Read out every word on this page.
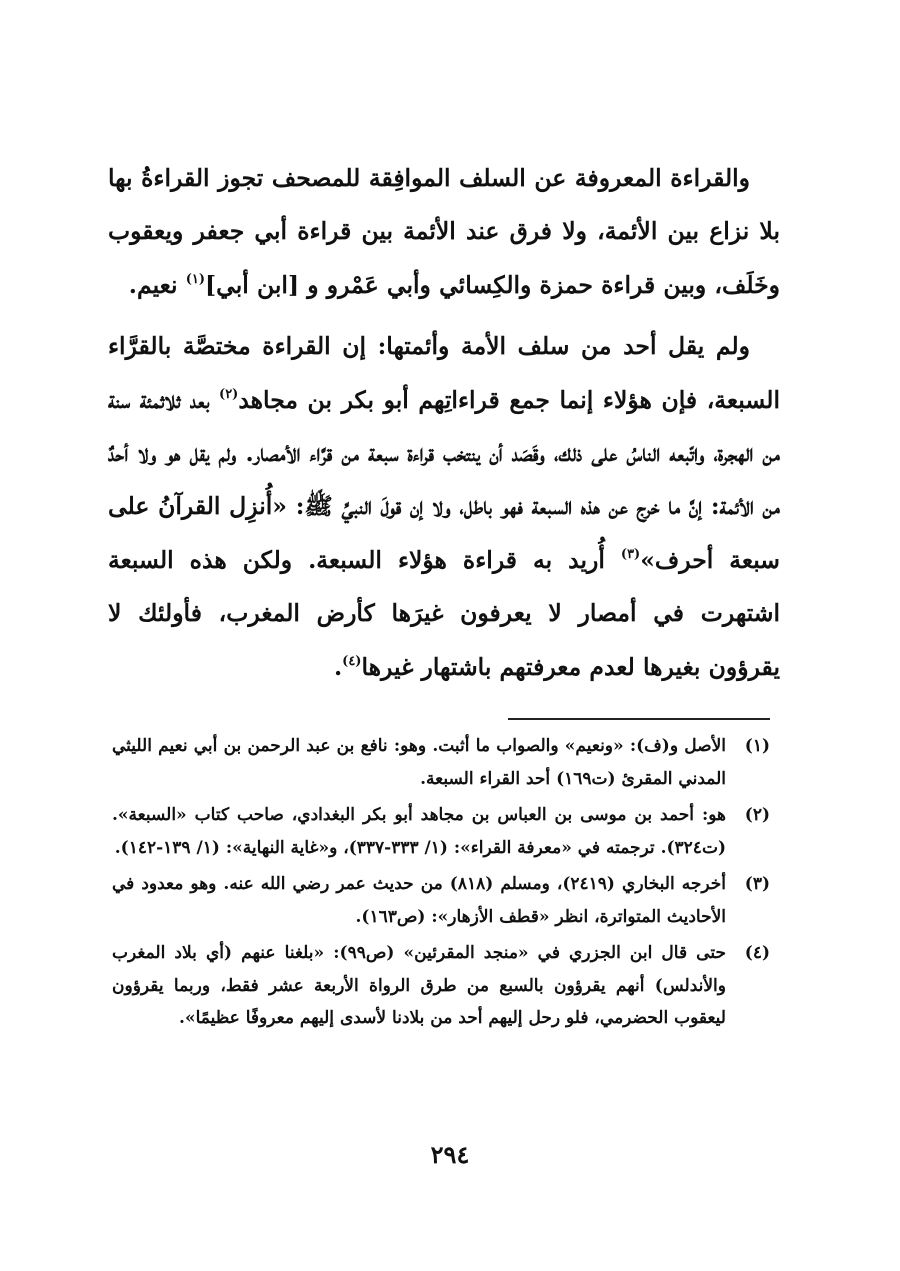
والقراءة المعروفة عن السلف الموافِقة للمصحف تجوز القراءةُ بها بلا نزاع بين الأئمة، ولا فرق عند الأئمة بين قراءة أبي جعفر ويعقوب وخَلَف، وبين قراءة حمزة والكِسائي وأبي عَمْرو و [ابن أبي]$^{(١)}$ نعيم.

ولم يقل أحد من سلف الأمة وأئمتها: إن القراءة مختصَّة بالقرَّاء السبعة، فإن هؤلاء إنما جمع قراءاتِهم أبو بكر بن مجاهد$^{(٢)}$ بعد ثلاثمئة سنة من الهجرة، واتّبعه الناسُ على ذلك، وقَصَد أن ينتخب قراءة سبعة من قرَّاء الأمصار. ولم يقل هو ولا أحدٌ من الأئمة: إنَّ ما خرج عن هذه السبعة فهو باطل، ولا إن قولَ النبيِّ ﷺ: «أُنزِل القرآنُ على سبعة أحرف»$^{(٣)}$ أُريد به قراءة هؤلاء السبعة. ولكن هذه السبعة اشتهرت في أمصار لا يعرفون غيرَها كأرض المغرب، فأولئك لا يقرؤون بغيرها لعدم معرفتهم باشتهار غيرها$^{(٤)}$.

(١)
الأصل و(ف): «ونعيم» والصواب ما أثبت. وهو: نافع بن عبد الرحمن بن أبي نعيم الليثي المدني المقرئ (ت١٦٩) أحد القراء السبعة.
(٢)
هو: أحمد بن موسى بن العباس بن مجاهد أبو بكر البغدادي، صاحب كتاب «السبعة». (ت٣٢٤). ترجمته في «معرفة القراء»: (١/ ٣٣٣-٣٣٧)، و«غاية النهاية»: (١/ ١٣٩-١٤٢).
(٣)
أخرجه البخاري (٢٤١٩)، ومسلم (٨١٨) من حديث عمر رضي الله عنه. وهو معدود في الأحاديث المتواترة، انظر «قطف الأزهار»: (ص١٦٣).
(٤)
حتى قال ابن الجزري في «منجد المقرئين» (ص٩٩): «بلغنا عنهم (أي بلاد المغرب والأندلس) أنهم يقرؤون بالسبع من طرق الرواة الأربعة عشر فقط، وربما يقرؤون ليعقوب الحضرمي، فلو رحل إليهم أحد من بلادنا لأسدى إليهم معروفًا عظيمًا».
٢٩٤
